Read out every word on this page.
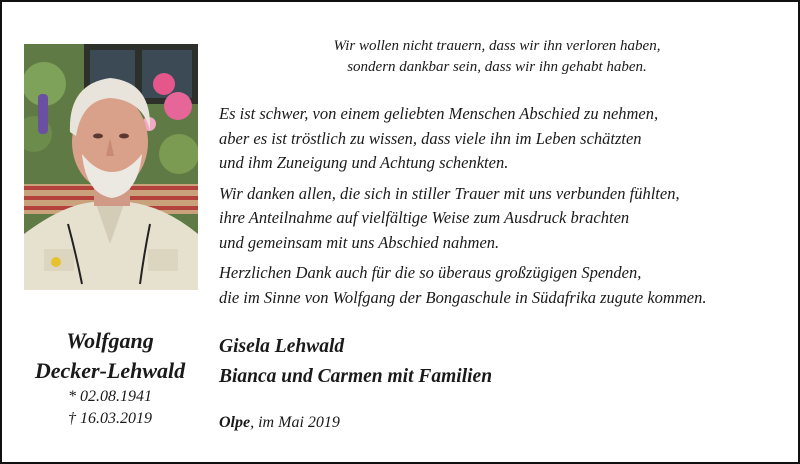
Wir wollen nicht trauern, dass wir ihn verloren haben,
sondern dankbar sein, dass wir ihn gehabt haben.

Es ist schwer, von einem geliebten Menschen Abschied zu nehmen,
aber es ist tröstlich zu wissen, dass viele ihn im Leben schätzten
und ihm Zuneigung und Achtung schenkten.

Wir danken allen, die sich in stiller Trauer mit uns verbunden fühlten,
ihre Anteilnahme auf vielfältige Weise zum Ausdruck brachten
und gemeinsam mit uns Abschied nahmen.

Herzlichen Dank auch für die so überaus großzügigen Spenden,
die im Sinne von Wolfgang der Bongaschule in Südafrika zugute kommen.

Wolfgang
Decker-Lehwald
* 02.08.1941
† 16.03.2019
Gisela Lehwald
Bianca und Carmen mit Familien
Olpe, im Mai 2019
